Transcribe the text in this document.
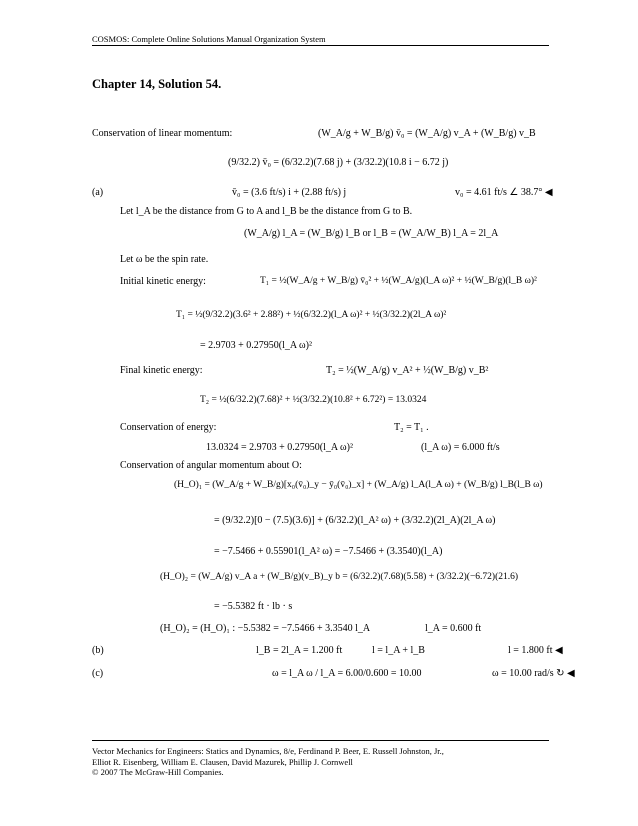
COSMOS: Complete Online Solutions Manual Organization System
Chapter 14, Solution 54.
Conservation of linear momentum:	(W_A/g + W_B/g) v̄₀ = (W_A/g) v_A + (W_B/g) v_B
(9/32.2) v̄₀ = (6/32.2)(7.68 j) + (3/32.2)(10.8 i − 6.72 j)
(a)	v̄₀ = (3.6 ft/s) i + (2.88 ft/s) j	v₀ = 4.61 ft/s ∠ 38.7° ◀
Let l_A be the distance from G to A and l_B be the distance from G to B.
(W_A/g) l_A = (W_B/g) l_B or l_B = (W_A/W_B) l_A = 2l_A
Let ω be the spin rate.
Initial kinetic energy:	T₁ = ½(W_A/g + W_B/g) v̄₀² + ½(W_A/g)(l_A ω)² + ½(W_B/g)(l_B ω)²
T₁ = ½(9/32.2)(3.6² + 2.88²) + ½(6/32.2)(l_A ω)² + ½(3/32.2)(2l_A ω)²
= 2.9703 + 0.27950(l_A ω)²
Final kinetic energy:	T₂ = ½(W_A/g) v_A² + ½(W_B/g) v_B²
T₂ = ½(6/32.2)(7.68)² + ½(3/32.2)(10.8² + 6.72²) = 13.0324
Conservation of energy:	T₂ = T₁ .
13.0324 = 2.9703 + 0.27950(l_A ω)²	(l_A ω) = 6.000 ft/s
Conservation of angular momentum about O:
(H_O)₁ = (W_A/g + W_B/g)[x₀(v̄₀)_y − ȳ₀(v̄₀)_x] + (W_A/g) l_A(l_A ω) + (W_B/g) l_B(l_B ω)
= (9/32.2)[0 − (7.5)(3.6)] + (6/32.2)(l_A² ω) + (3/32.2)(2l_A)(2l_A ω)
= −7.5466 + 0.55901(l_A² ω) = −7.5466 + (3.3540)(l_A)
(H_O)₂ = (W_A/g) v_A a + (W_B/g)(v_B)_y b = (6/32.2)(7.68)(5.58) + (3/32.2)(−6.72)(21.6)
= −5.5382 ft · lb · s
(H_O)₂ = (H_O)₁ : −5.5382 = −7.5466 + 3.3540 l_A	l_A = 0.600 ft
(b)	l_B = 2l_A = 1.200 ft	l = l_A + l_B	l = 1.800 ft ◀
(c)	ω = l_A ω / l_A = 6.00/0.600 = 10.00	ω = 10.00 rad/s ↻ ◀
Vector Mechanics for Engineers: Statics and Dynamics, 8/e, Ferdinand P. Beer, E. Russell Johnston, Jr.,
Elliot R. Eisenberg, William E. Clausen, David Mazurek, Phillip J. Cornwell
© 2007 The McGraw-Hill Companies.
